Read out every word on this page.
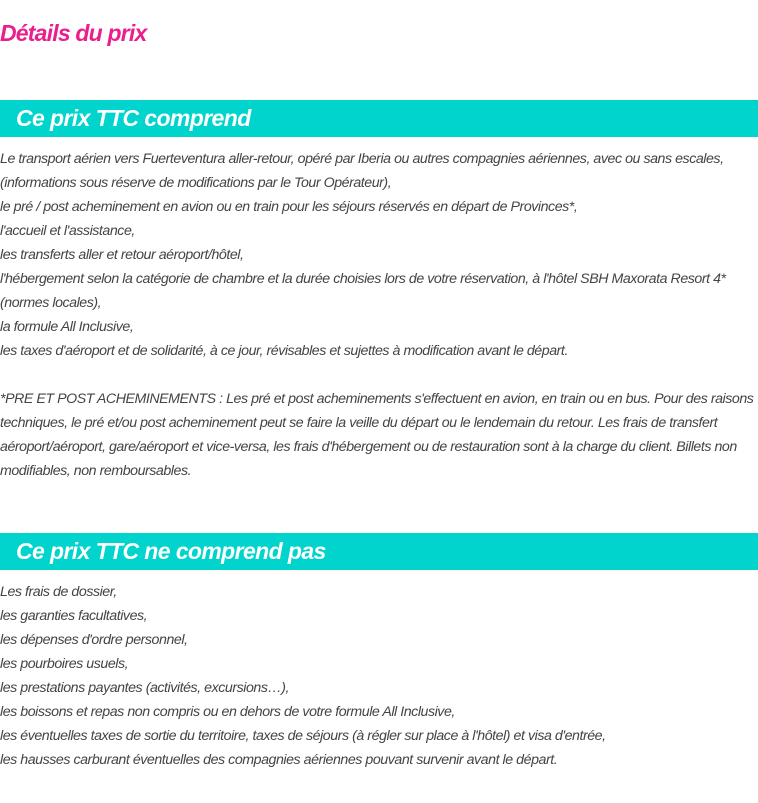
Détails du prix
Ce prix TTC comprend
Le transport aérien vers Fuerteventura aller-retour, opéré par Iberia ou autres compagnies aériennes, avec ou sans escales, (informations sous réserve de modifications par le Tour Opérateur),
le pré / post acheminement en avion ou en train pour les séjours réservés en départ de Provinces*,
l'accueil et l'assistance,
les transferts aller et retour aéroport/hôtel,
l'hébergement selon la catégorie de chambre et la durée choisies lors de votre réservation, à l'hôtel SBH Maxorata Resort 4* (normes locales),
la formule All Inclusive,
les taxes d'aéroport et de solidarité, à ce jour, révisables et sujettes à modification avant le départ.
*PRE ET POST ACHEMINEMENTS : Les pré et post acheminements s'effectuent en avion, en train ou en bus. Pour des raisons techniques, le pré et/ou post acheminement peut se faire la veille du départ ou le lendemain du retour. Les frais de transfert aéroport/aéroport, gare/aéroport et vice-versa, les frais d'hébergement ou de restauration sont à la charge du client. Billets non modifiables, non remboursables.
Ce prix TTC ne comprend pas
Les frais de dossier,
les garanties facultatives,
les dépenses d'ordre personnel,
les pourboires usuels,
les prestations payantes (activités, excursions…),
les boissons et repas non compris ou en dehors de votre formule All Inclusive,
les éventuelles taxes de sortie du territoire, taxes de séjours (à régler sur place à l'hôtel) et visa d'entrée,
les hausses carburant éventuelles des compagnies aériennes pouvant survenir avant le départ.
